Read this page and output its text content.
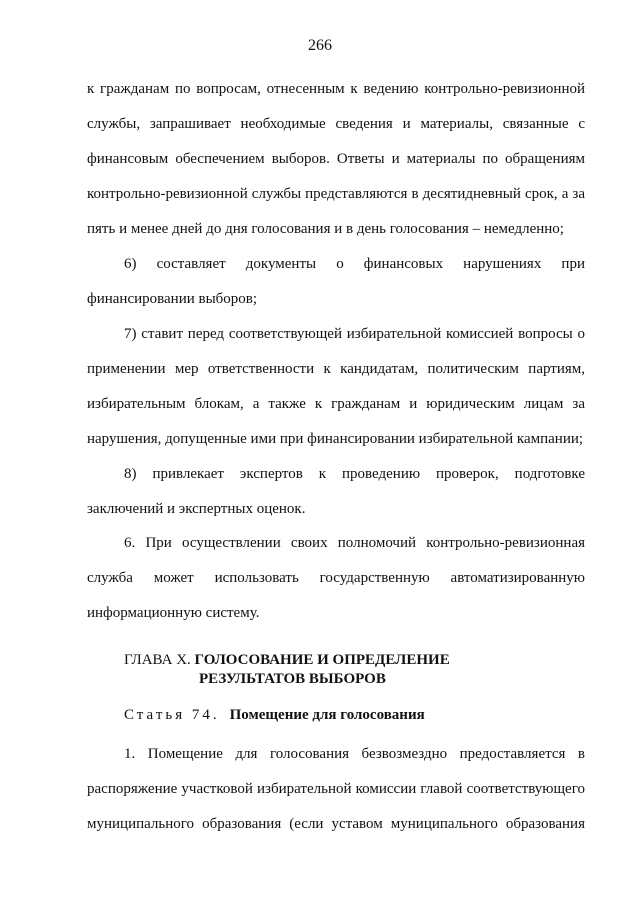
266
к гражданам по вопросам, отнесенным к ведению контрольно-ревизионной
службы, запрашивает необходимые сведения и материалы, связанные с
финансовым обеспечением выборов. Ответы и материалы по обращениям
контрольно-ревизионной службы представляются в десятидневный срок, а за
пять и менее дней до дня голосования и в день голосования – немедленно;
6) составляет документы о финансовых нарушениях при
финансировании выборов;
7) ставит перед соответствующей избирательной комиссией вопросы о
применении мер ответственности к кандидатам, политическим партиям,
избирательным блокам, а также к гражданам и юридическим лицам за
нарушения, допущенные ими при финансировании избирательной кампании;
8) привлекает экспертов к проведению проверок, подготовке
заключений и экспертных оценок.
6. При осуществлении своих полномочий контрольно-ревизионная
служба может использовать государственную автоматизированную
информационную систему.
ГЛАВА X. ГОЛОСОВАНИЕ И ОПРЕДЕЛЕНИЕ
РЕЗУЛЬТАТОВ ВЫБОРОВ
Статья 74. Помещение для голосования
1. Помещение для голосования безвозмездно предоставляется в
распоряжение участковой избирательной комиссии главой соответствующего
муниципального образования (если уставом муниципального образования
